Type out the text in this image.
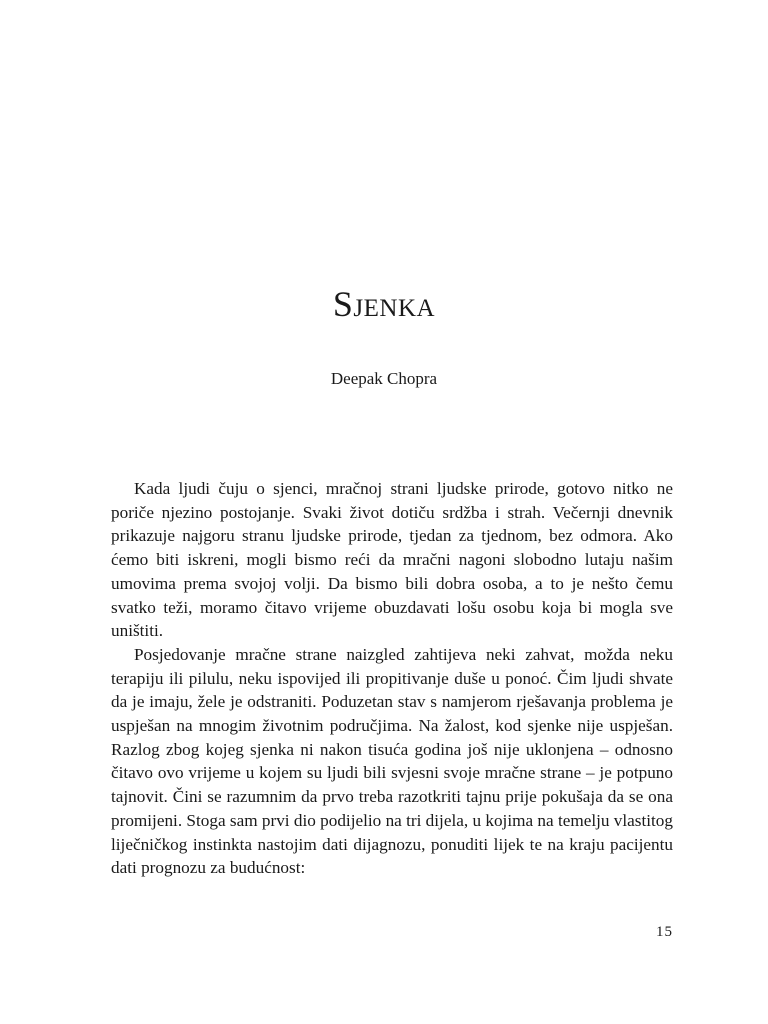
Sjenka
Deepak Chopra

Kada ljudi čuju o sjenci, mračnoj strani ljudske prirode, gotovo nitko ne poriče njezino postojanje. Svaki život dotiču srdžba i strah. Večernji dnevnik prikazuje najgoru stranu ljudske prirode, tjedan za tjednom, bez odmora. Ako ćemo biti iskreni, mogli bismo reći da mračni nagoni slobodno lutaju našim umovima prema svojoj volji. Da bismo bili dobra osoba, a to je nešto čemu svatko teži, moramo čitavo vrijeme obuzdavati lošu osobu koja bi mogla sve uništiti.

Posjedovanje mračne strane naizgled zahtijeva neki zahvat, možda neku terapiju ili pilulu, neku ispovijed ili propitivanje duše u ponoć. Čim ljudi shvate da je imaju, žele je odstraniti. Poduzetan stav s namjerom rješavanja problema je uspješan na mnogim životnim područjima. Na žalost, kod sjenke nije uspješan. Razlog zbog kojeg sjenka ni nakon tisuća godina još nije uklonjena – odnosno čitavo ovo vrijeme u kojem su ljudi bili svjesni svoje mračne strane – je potpuno tajnovit. Čini se razumnim da prvo treba razotkriti tajnu prije pokušaja da se ona promijeni. Stoga sam prvi dio podijelio na tri dijela, u kojima na temelju vlastitog liječničkog instinkta nastojim dati dijagnozu, ponuditi lijek te na kraju pacijentu dati prognozu za budućnost:

15
